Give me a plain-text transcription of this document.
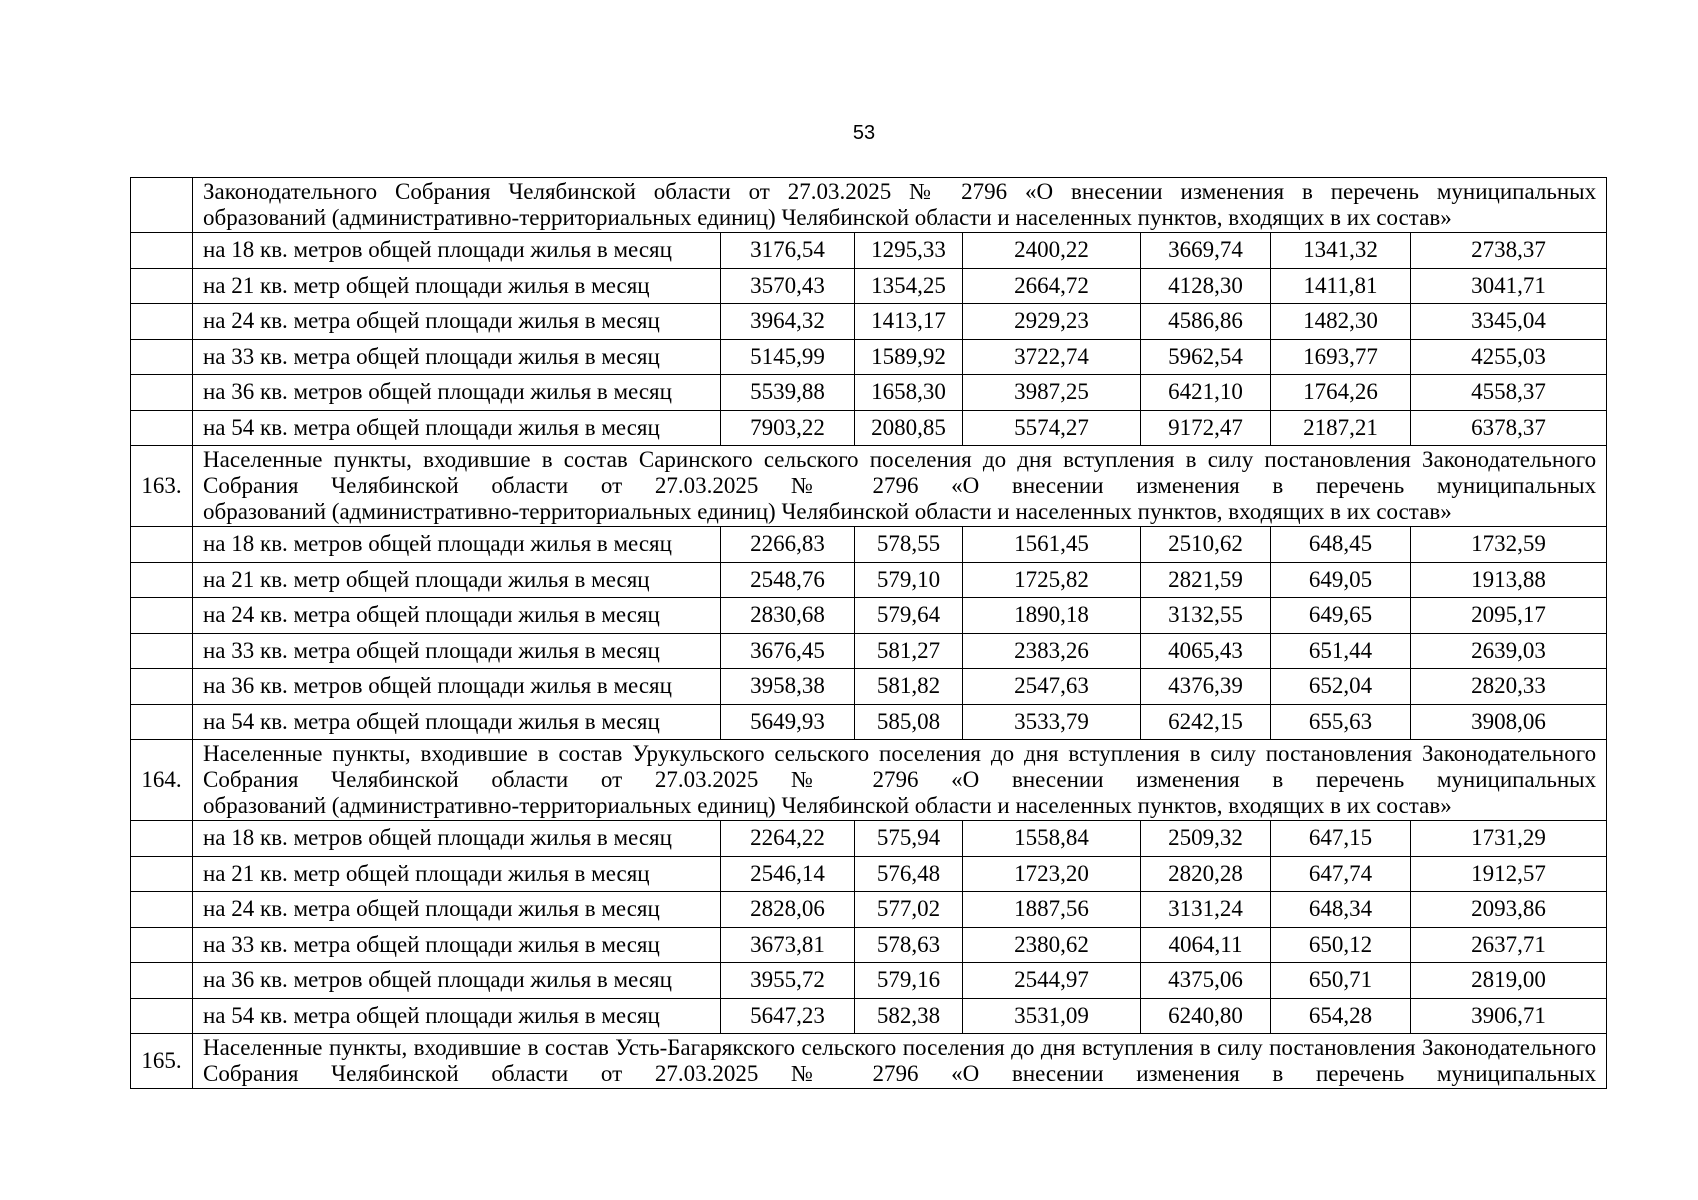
53
	Законодательного Собрания Челябинской области от 27.03.2025 № 2796 «О внесении изменения в перечень муниципальных
образований (административно-территориальных единиц) Челябинской области и населенных пунктов, входящих в их состав»						

	на 18 кв. метров общей площади жилья в месяц	3176,54	1295,33	2400,22	3669,74	1341,32	2738,37
	на 21 кв. метр общей площади жилья в месяц	3570,43	1354,25	2664,72	4128,30	1411,81	3041,71
	на 24 кв. метра общей площади жилья в месяц	3964,32	1413,17	2929,23	4586,86	1482,30	3345,04
	на 33 кв. метра общей площади жилья в месяц	5145,99	1589,92	3722,74	5962,54	1693,77	4255,03
	на 36 кв. метров общей площади жилья в месяц	5539,88	1658,30	3987,25	6421,10	1764,26	4558,37
	на 54 кв. метра общей площади жилья в месяц	7903,22	2080,85	5574,27	9172,47	2187,21	6378,37
163.	Населенные пункты, входившие в состав Саринского сельского поселения до дня вступления в силу постановления Законодательного Собрания Челябинской области от 27.03.2025 № 2796 «О внесении изменения в перечень муниципальных
образований (административно-территориальных единиц) Челябинской области и населенных пунктов, входящих в их состав»						

	на 18 кв. метров общей площади жилья в месяц	2266,83	578,55	1561,45	2510,62	648,45	1732,59
	на 21 кв. метр общей площади жилья в месяц	2548,76	579,10	1725,82	2821,59	649,05	1913,88
	на 24 кв. метра общей площади жилья в месяц	2830,68	579,64	1890,18	3132,55	649,65	2095,17
	на 33 кв. метра общей площади жилья в месяц	3676,45	581,27	2383,26	4065,43	651,44	2639,03
	на 36 кв. метров общей площади жилья в месяц	3958,38	581,82	2547,63	4376,39	652,04	2820,33
	на 54 кв. метра общей площади жилья в месяц	5649,93	585,08	3533,79	6242,15	655,63	3908,06
164.	Населенные пункты, входившие в состав Урукульского сельского поселения до дня вступления в силу постановления Законодательного Собрания Челябинской области от 27.03.2025 № 2796 «О внесении изменения в перечень муниципальных
образований (административно-территориальных единиц) Челябинской области и населенных пунктов, входящих в их состав»						

	на 18 кв. метров общей площади жилья в месяц	2264,22	575,94	1558,84	2509,32	647,15	1731,29
	на 21 кв. метр общей площади жилья в месяц	2546,14	576,48	1723,20	2820,28	647,74	1912,57
	на 24 кв. метра общей площади жилья в месяц	2828,06	577,02	1887,56	3131,24	648,34	2093,86
	на 33 кв. метра общей площади жилья в месяц	3673,81	578,63	2380,62	4064,11	650,12	2637,71
	на 36 кв. метров общей площади жилья в месяц	3955,72	579,16	2544,97	4375,06	650,71	2819,00
	на 54 кв. метра общей площади жилья в месяц	5647,23	582,38	3531,09	6240,80	654,28	3906,71
165.	Населенные пункты, входившие в состав Усть-Багарякского сельского поселения до дня вступления в силу постановления Законодательного Собрания Челябинской области от 27.03.2025 № 2796 «О внесении изменения в перечень муниципальных						
